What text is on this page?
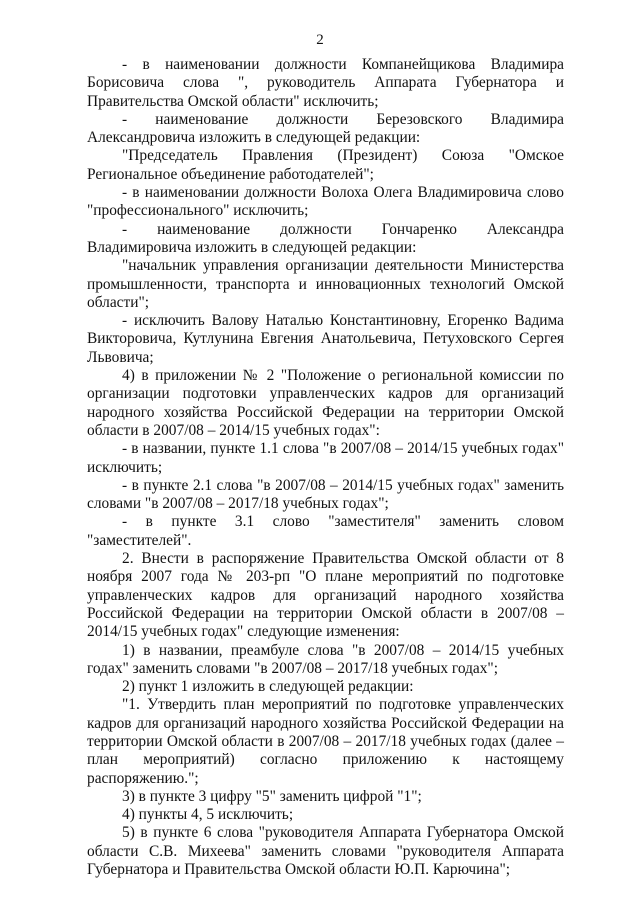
2

- в наименовании должности Компанейщикова Владимира Борисовича слова ", руководитель Аппарата Губернатора и Правительства Омской области" исключить;

- наименование должности Березовского Владимира Александровича изложить в следующей редакции:

"Председатель Правления (Президент) Союза "Омское Региональное объединение работодателей";

- в наименовании должности Волоха Олега Владимировича слово "профессионального" исключить;

- наименование должности Гончаренко Александра Владимировича изложить в следующей редакции:

"начальник управления организации деятельности Министерства промышленности, транспорта и инновационных технологий Омской области";

- исключить Валову Наталью Константиновну, Егоренко Вадима Викторовича, Кутлунина Евгения Анатольевича, Петуховского Сергея Львовича;

4) в приложении № 2 "Положение о региональной комиссии по организации подготовки управленческих кадров для организаций народного хозяйства Российской Федерации на территории Омской области в 2007/08 – 2014/15 учебных годах":

- в названии, пункте 1.1 слова "в 2007/08 – 2014/15 учебных годах" исключить;

- в пункте 2.1 слова "в 2007/08 – 2014/15 учебных годах" заменить словами "в 2007/08 – 2017/18 учебных годах";

- в пункте 3.1 слово "заместителя" заменить словом "заместителей".

2. Внести в распоряжение Правительства Омской области от 8 ноября 2007 года № 203-рп "О плане мероприятий по подготовке управленческих кадров для организаций народного хозяйства Российской Федерации на территории Омской области в 2007/08 – 2014/15 учебных годах" следующие изменения:

1) в названии, преамбуле слова "в 2007/08 – 2014/15 учебных годах" заменить словами "в 2007/08 – 2017/18 учебных годах";

2) пункт 1 изложить в следующей редакции:

"1. Утвердить план мероприятий по подготовке управленческих кадров для организаций народного хозяйства Российской Федерации на территории Омской области в 2007/08 – 2017/18 учебных годах (далее – план мероприятий) согласно приложению к настоящему распоряжению.";

3) в пункте 3 цифру "5" заменить цифрой "1";

4) пункты 4, 5 исключить;

5) в пункте 6 слова "руководителя Аппарата Губернатора Омской области С.В. Михеева" заменить словами "руководителя Аппарата Губернатора и Правительства Омской области Ю.П. Карючина";
